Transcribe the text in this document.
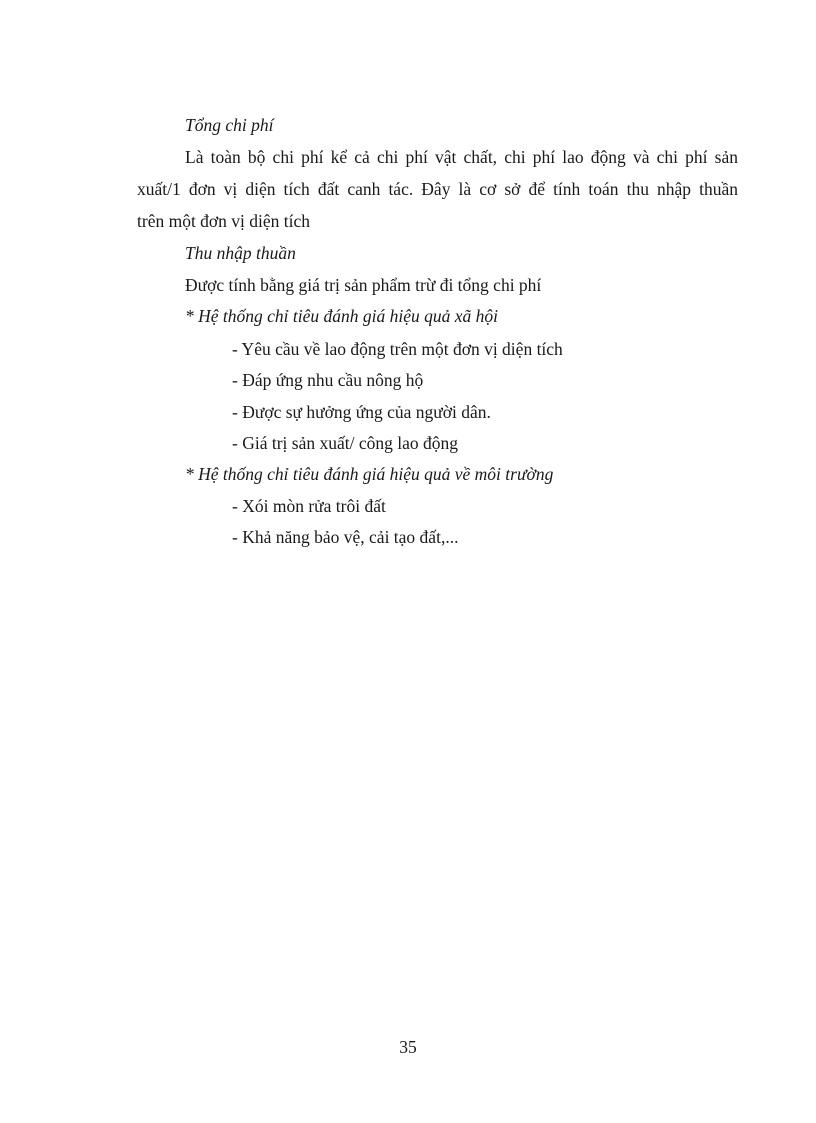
Tổng chi phí
Là toàn bộ chi phí kể cả chi phí vật chất, chi phí lao động và chi phí sản
xuất/1 đơn vị diện tích đất canh tác. Đây là cơ sở để tính toán thu nhập thuần
trên một đơn vị diện tích
Thu nhập thuần
Được tính bằng giá trị sản phẩm trừ đi tổng chi phí
* Hệ thống chỉ tiêu đánh giá hiệu quả xã hội
- Yêu cầu về lao động trên một đơn vị diện tích
- Đáp ứng nhu cầu nông hộ
- Được sự hưởng ứng của người dân.
- Giá trị sản xuất/ công lao động
* Hệ thống chỉ tiêu đánh giá hiệu quả về môi trường
- Xói mòn rửa trôi đất
- Khả năng bảo vệ, cải tạo đất,...
35
